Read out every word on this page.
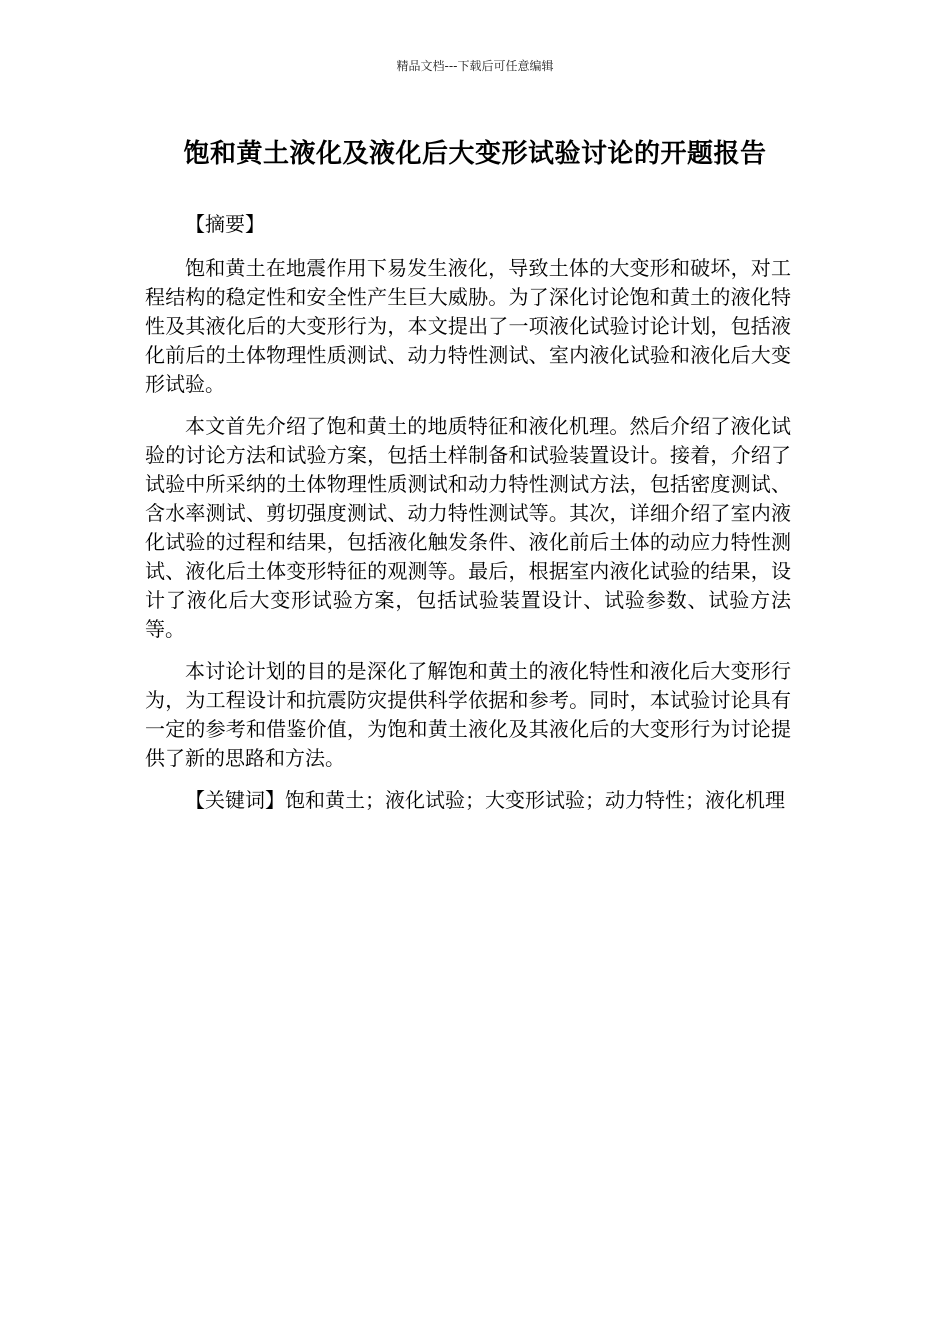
精品文档---下载后可任意编辑
饱和黄土液化及液化后大变形试验讨论的开题报告

【摘要】

饱和黄土在地震作用下易发生液化，导致土体的大变形和破坏，对工程结构的稳定性和安全性产生巨大威胁。为了深化讨论饱和黄土的液化特性及其液化后的大变形行为，本文提出了一项液化试验讨论计划，包括液化前后的土体物理性质测试、动力特性测试、室内液化试验和液化后大变形试验。

本文首先介绍了饱和黄土的地质特征和液化机理。然后介绍了液化试验的讨论方法和试验方案，包括土样制备和试验装置设计。接着，介绍了试验中所采纳的土体物理性质测试和动力特性测试方法，包括密度测试、含水率测试、剪切强度测试、动力特性测试等。其次，详细介绍了室内液化试验的过程和结果，包括液化触发条件、液化前后土体的动应力特性测试、液化后土体变形特征的观测等。最后，根据室内液化试验的结果，设计了液化后大变形试验方案，包括试验装置设计、试验参数、试验方法等。

本讨论计划的目的是深化了解饱和黄土的液化特性和液化后大变形行为，为工程设计和抗震防灾提供科学依据和参考。同时，本试验讨论具有一定的参考和借鉴价值，为饱和黄土液化及其液化后的大变形行为讨论提供了新的思路和方法。

【关键词】饱和黄土；液化试验；大变形试验；动力特性；液化机理
